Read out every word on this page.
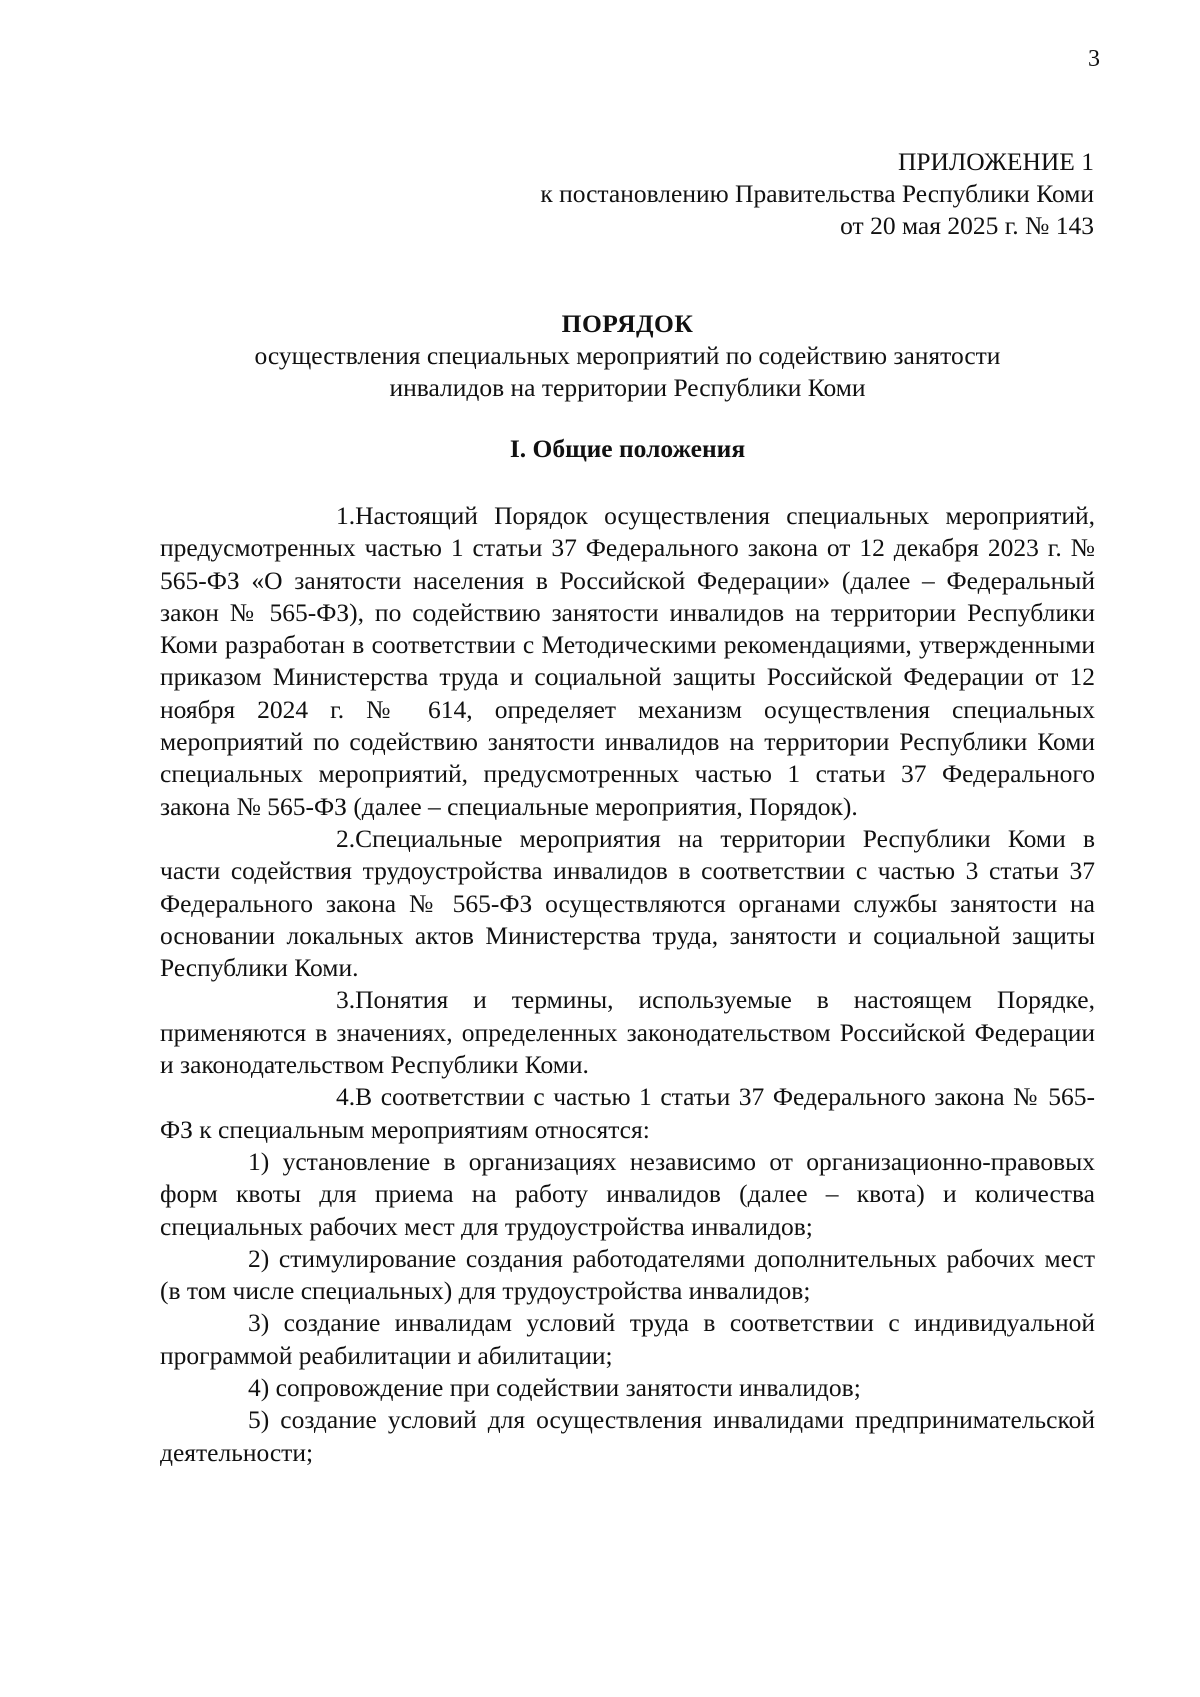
3
ПРИЛОЖЕНИЕ 1
к постановлению Правительства Республики Коми
от 20 мая 2025 г. № 143
ПОРЯДОК
осуществления специальных мероприятий по содействию занятости
инвалидов на территории Республики Коми
I. Общие положения

1.Настоящий Порядок осуществления специальных мероприятий, предусмотренных частью 1 статьи 37 Федерального закона от 12 декабря 2023 г. № 565-ФЗ «О занятости населения в Российской Федерации» (далее – Федеральный закон № 565-ФЗ), по содействию занятости инвалидов на территории Республики Коми разработан в соответствии с Методическими рекомендациями, утвержденными приказом Министерства труда и социальной защиты Российской Федерации от 12 ноября 2024 г. № 614, определяет механизм осуществления специальных мероприятий по содействию занятости инвалидов на территории Республики Коми специальных мероприятий, предусмотренных частью 1 статьи 37 Федерального закона № 565-ФЗ (далее – специальные мероприятия, Порядок).

2.Специальные мероприятия на территории Республики Коми в части содействия трудоустройства инвалидов в соответствии с частью 3 статьи 37 Федерального закона № 565-ФЗ осуществляются органами службы занятости на основании локальных актов Министерства труда, занятости и социальной защиты Республики Коми.

3.Понятия и термины, используемые в настоящем Порядке, применяются в значениях, определенных законодательством Российской Федерации и законодательством Республики Коми.

4.В соответствии с частью 1 статьи 37 Федерального закона № 565-ФЗ к специальным мероприятиям относятся:

1) установление в организациях независимо от организационно-правовых форм квоты для приема на работу инвалидов (далее – квота) и количества специальных рабочих мест для трудоустройства инвалидов;

2) стимулирование создания работодателями дополнительных рабочих мест (в том числе специальных) для трудоустройства инвалидов;

3) создание инвалидам условий труда в соответствии с индивидуальной программой реабилитации и абилитации;

4) сопровождение при содействии занятости инвалидов;

5) создание условий для осуществления инвалидами предпринимательской деятельности;
